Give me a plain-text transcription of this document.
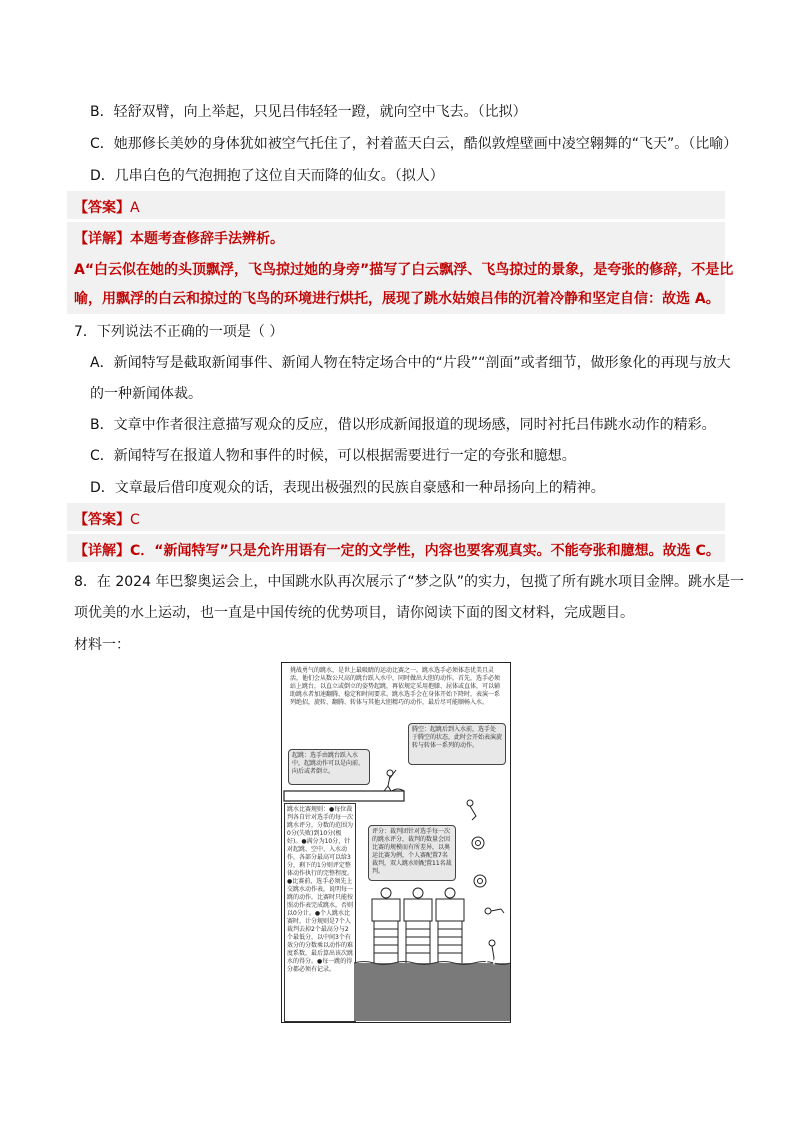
B．轻舒双臂，向上举起，只见吕伟轻轻一蹬，就向空中飞去。（比拟）
C．她那修长美妙的身体犹如被空气托住了，衬着蓝天白云，酷似敦煌壁画中凌空翱舞的“飞天”。（比喻）
D．几串白色的气泡拥抱了这位自天而降的仙女。（拟人）
【答案】A
【详解】本题考查修辞手法辨析。
A“白云似在她的头顶飘浮，飞鸟掠过她的身旁”描写了白云飘浮、飞鸟掠过的景象，是夸张的修辞，不是比
喻，用飘浮的白云和掠过的飞鸟的环境进行烘托，展现了跳水姑娘吕伟的沉着冷静和坚定自信：故选 A。
7．下列说法不正确的一项是（ ）
A．新闻特写是截取新闻事件、新闻人物在特定场合中的“片段”“剖面”或者细节，做形象化的再现与放大
的一种新闻体裁。
B．文章中作者很注意描写观众的反应，借以形成新闻报道的现场感，同时衬托吕伟跳水动作的精彩。
C．新闻特写在报道人物和事件的时候，可以根据需要进行一定的夸张和臆想。
D．文章最后借印度观众的话，表现出极强烈的民族自豪感和一种昂扬向上的精神。
【答案】C
【详解】C．“新闻特写”只是允许用语有一定的文学性，内容也要客观真实。不能夸张和臆想。故选 C。
8．在 2024 年巴黎奥运会上，中国跳水队再次展示了“梦之队”的实力，包揽了所有跳水项目金牌。跳水是一
项优美的水上运动，也一直是中国传统的优势项目，请你阅读下面的图文材料，完成题目。
材料一：
挑战勇气的跳水，是世上最吸睛的运动比赛之一。跳水选手必须体态优美且灵活，他们会从数公尺高的跳台跃入水中，同时做出大胆的动作。首先，选手必须站上跳台，以直立或倒立的姿势起跳，再依规定采用抱膝、屈体或直体，可以辅助跳水者加速翻腾、稳定和时间要求。跳水选手会在身体开始下降时，表演一系列绝招，旋转、翻腾、转体与其他大胆精巧的动作，最后尽可能顺畅入水。
腾空：起跳后到入水前，选手处于腾空的状态，此时会开始表演旋转与转体一系列的动作。
起跳：选手由跳台跃入水中，起跳动作可以是向前、向后或者倒立。
跳水比赛规则：●每位裁判各自针对选手的每一次跳水评分，分数的范围为0分(失败)到10分(极好)。●满分为10分，针对起跳、空中、入水动作，各部分最高可以给3分，剩下的1分则评定整体动作执行的完整程度。●比赛前，选手必须先上交跳水动作表，说明每一跳的动作，比赛时只能按照动作表完成跳水，否则以0分计。●个人跳水比赛时，计分规则是7个人裁判去掉2个最高分与2个最低分，以中间3个有效分的分数乘以动作的难度系数，最后算出该次跳水的得分。●每一跳的得分都必须有记录。
评分：裁判团针对选手每一次的跳水评分，裁判的数量会因比赛的规模而有所差异，以奥运比赛为例，个人赛配置7名裁判，双人跳水则配置11名裁判。
